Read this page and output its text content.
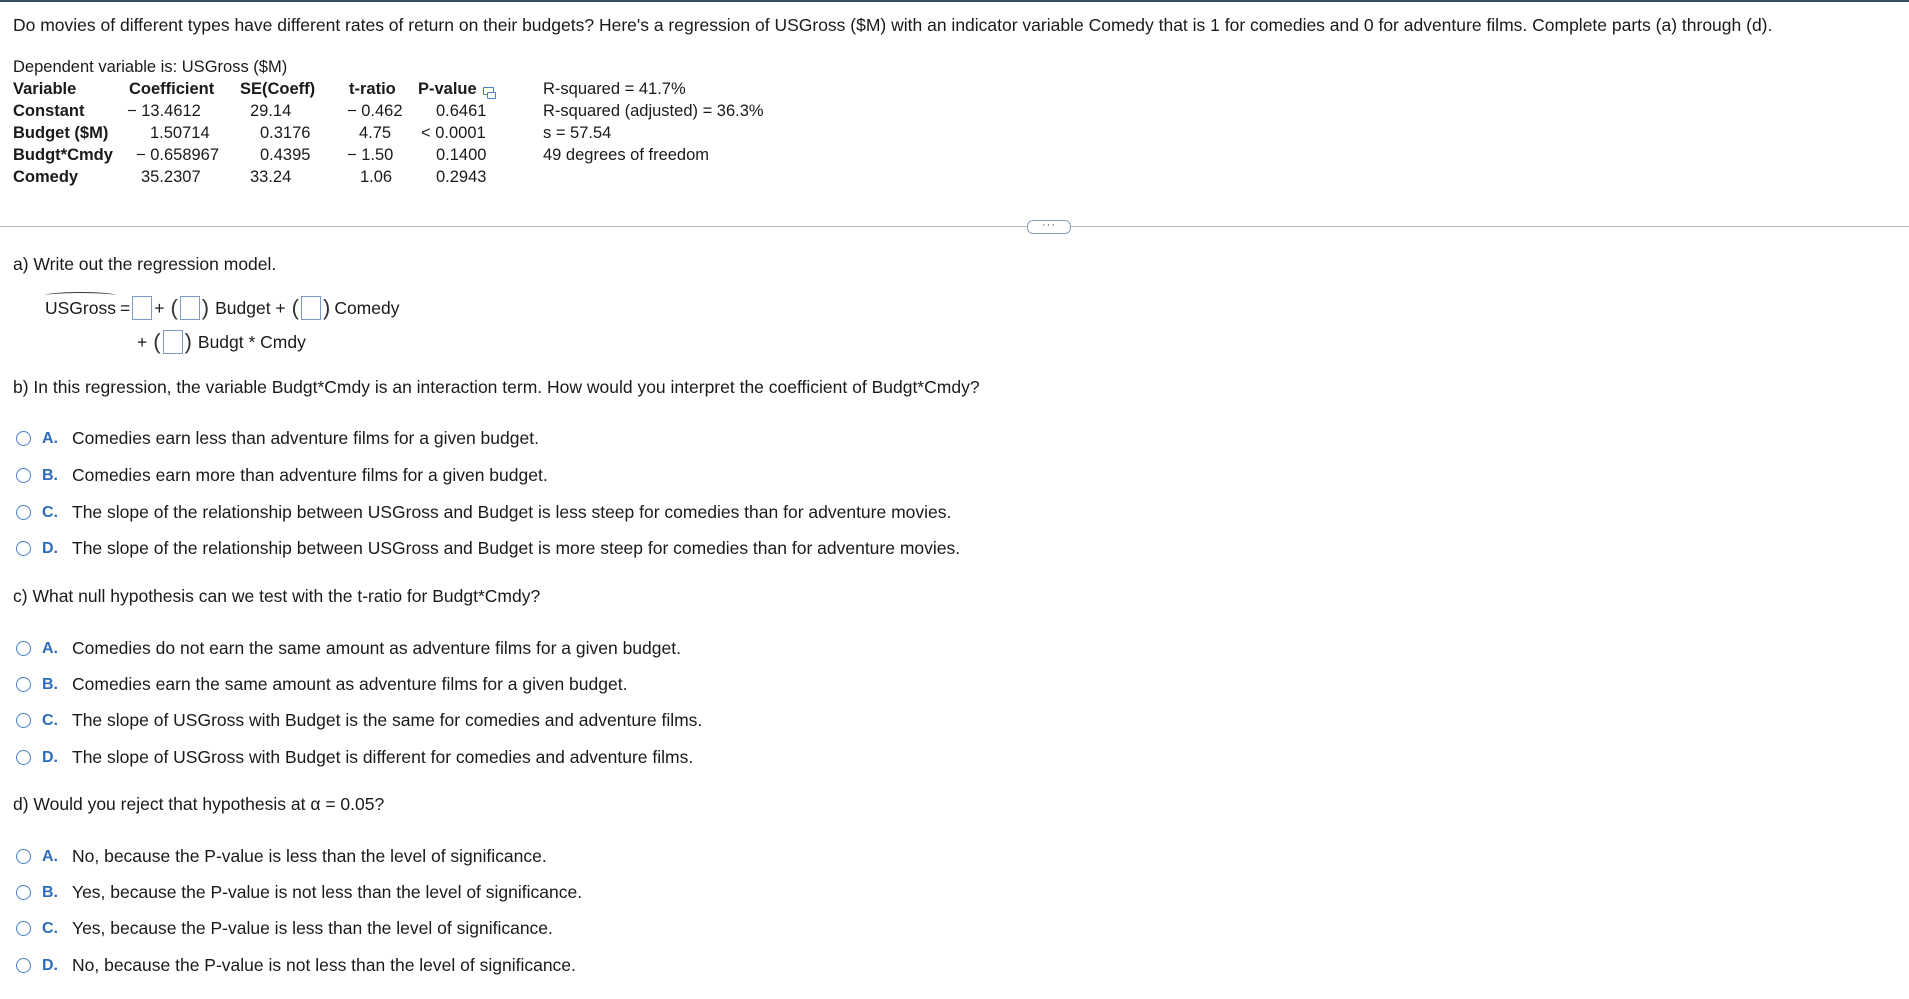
Do movies of different types have different rates of return on their budgets? Here's a regression of USGross ($M) with an indicator variable Comedy that is 1 for comedies and 0 for adventure films. Complete parts (a) through (d).
Dependent variable is: USGross ($M)
Variable	Coefficient SE(Coeff) t-ratio P-value
Constant	− 13.4612	29.14	− 0.462 0.6461
Budget ($M)	1.50714	0.3176	4.75 < 0.0001
Budgt*Cmdy − 0.658967 0.4395 − 1.50	0.1400
Comedy	35.2307	33.24	1.06	0.2943
R-squared = 41.7%
R-squared (adjusted) = 36.3%
s = 57.54
49 degrees of freedom
···
a) Write out the regression model.
USGross = + ( ) Budget + ( ) Comedy
+ ( ) Budgt * Cmdy
b) In this regression, the variable Budgt*Cmdy is an interaction term. How would you interpret the coefficient of Budgt*Cmdy?
A. Comedies earn less than adventure films for a given budget.
B. Comedies earn more than adventure films for a given budget.
C. The slope of the relationship between USGross and Budget is less steep for comedies than for adventure movies.
D. The slope of the relationship between USGross and Budget is more steep for comedies than for adventure movies.
c) What null hypothesis can we test with the t-ratio for Budgt*Cmdy?
A. Comedies do not earn the same amount as adventure films for a given budget.
B. Comedies earn the same amount as adventure films for a given budget.
C. The slope of USGross with Budget is the same for comedies and adventure films.
D. The slope of USGross with Budget is different for comedies and adventure films.
d) Would you reject that hypothesis at α = 0.05?
A. No, because the P-value is less than the level of significance.
B. Yes, because the P-value is not less than the level of significance.
C. Yes, because the P-value is less than the level of significance.
D. No, because the P-value is not less than the level of significance.
